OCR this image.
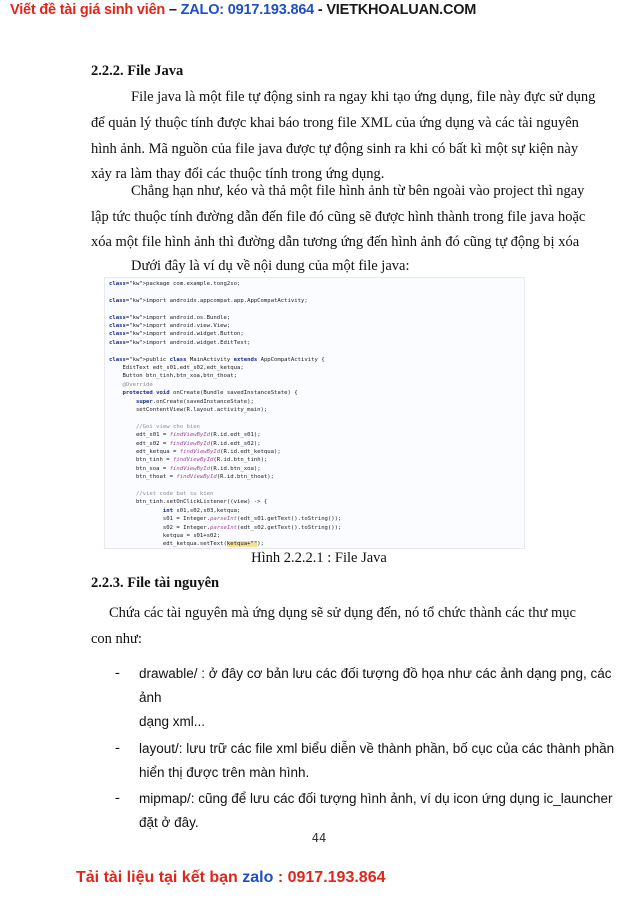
Viết đề tài giá sinh viên – ZALO: 0917.193.864 - VIETKHOALUAN.COM
2.2.2. File Java
File java là một file tự động sinh ra ngay khi tạo ứng dụng, file này đực sử dụng
để quản lý thuộc tính được khai báo trong file XML của ứng dụng và các tài nguyên
hình ảnh. Mã nguồn của file java được tự động sinh ra khi có bất kì một sự kiện này
xảy ra làm thay đổi các thuộc tính trong ứng dụng.
Chẳng hạn như, kéo và thả một file hình ảnh từ bên ngoài vào project thì ngay
lập tức thuộc tính đường dẫn đến file đó cũng sẽ được hình thành trong file java hoặc
xóa một file hình ảnh thì đường dẫn tương ứng đến hình ảnh đó cũng tự động bị xóa
Dưới đây là ví dụ về nội dung của một file java:
class="kw">package com.example.tong2so;
class="kw">import androidx.appcompat.app.AppCompatActivity;
class="kw">import android.os.Bundle;
class="kw">import android.view.View;
class="kw">import android.widget.Button;
class="kw">import android.widget.EditText;
class="kw">public class MainActivity extends AppCompatActivity {
EditText edt_s01,edt_s02,edt_ketqua;
Button btn_tinh,btn_xoa,btn_thoat;
@Override
protected void onCreate(Bundle savedInstanceState) {
super.onCreate(savedInstanceState);
setContentView(R.layout.activity_main);
//Goi view cho bien
edt_s01 = findViewById(R.id.edt_s01);
edt_s02 = findViewById(R.id.edt_s02);
edt_ketqua = findViewById(R.id.edt_ketqua);
btn_tinh = findViewById(R.id.btn_tinh);
btn_xoa = findViewById(R.id.btn_xoa);
btn_thoat = findViewById(R.id.btn_thoat);
//viet code bat su kien
btn_tinh.setOnClickListener((view) -> {
int s01,s02,s03,ketqua;
s01 = Integer.parseInt(edt_s01.getText().toString());
s02 = Integer.parseInt(edt_s02.getText().toString());
ketqua = s01+s02;
edt_ketqua.setText(ketqua+"");
Hình 2.2.2.1 : File Java
2.2.3. File tài nguyên
Chứa các tài nguyên mà ứng dụng sẽ sử dụng đến, nó tổ chức thành các thư mục
con như:
- drawable/ : ở đây cơ bản lưu các đối tượng đồ họa như các ảnh dạng png, các
ảnh
dạng xml...
- layout/: lưu trữ các file xml biểu diễn về thành phần, bố cục của các thành phần
hiển thị được trên màn hình.
- mipmap/: cũng để lưu các đối tượng hình ảnh, ví dụ icon ứng dụng ic_launcher
đặt ở đây.
44
Tải tài liệu tại kết bạn zalo : 0917.193.864
